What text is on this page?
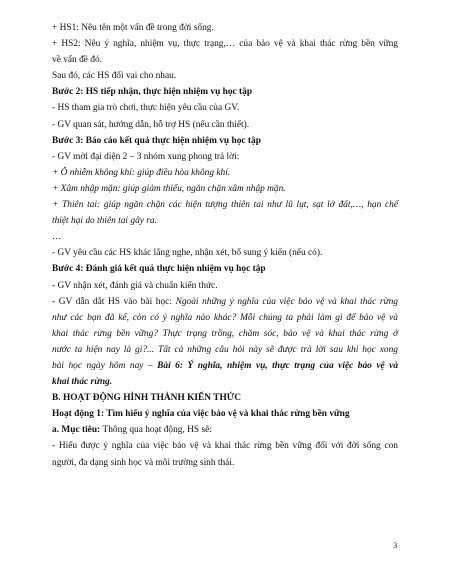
+ HS1: Nêu tên một vấn đề trong đời sống.

+ HS2: Nêu ý nghĩa, nhiệm vụ, thực trạng,… của bảo vệ và khai thác rừng bền vững

về vấn đề đó.

Sau đó, các HS đổi vai cho nhau.

Bước 2: HS tiếp nhận, thực hiện nhiệm vụ học tập

- HS tham gia trò chơi, thực hiện yêu cầu của GV.

- GV quan sát, hướng dẫn, hỗ trợ HS (nếu cần thiết).

Bước 3: Báo cáo kết quả thực hiện nhiệm vụ học tập

- GV mời đại diện 2 – 3 nhóm xung phong trả lời:

+ Ô nhiễm không khí: giúp điều hòa không khí.

+ Xâm nhập mặn: giúp giảm thiểu, ngăn chặn xâm nhập mặn.

+ Thiên tai: giúp ngăn chặn các hiện tượng thiên tai như lũ lụt, sạt lở đất,…, hạn chế

thiệt hại do thiên tai gây ra.

…

- GV yêu cầu các HS khác lắng nghe, nhận xét, bổ sung ý kiến (nếu có).

Bước 4: Đánh giá kết quả thực hiện nhiệm vụ học tập

- GV nhận xét, đánh giá và chuẩn kiến thức.

- GV dẫn dắt HS vào bài học: Ngoài những ý nghĩa của việc bảo vệ và khai thác rừng

như các bạn đã kể, còn có ý nghĩa nào khác? Mỗi chúng ta phải làm gì để bảo vệ và

khai thác rừng bền vững? Thực trạng trồng, chăm sóc, bảo vệ và khai thác rừng ở

nước ta hiện nay là gì?... Tất cả những câu hỏi này sẽ được trả lời sau khi học xong

bài học ngày hôm nay – Bài 6: Ý nghĩa, nhiệm vụ, thực trạng của việc bảo vệ và

khai thác rừng.

B. HOẠT ĐỘNG HÌNH THÀNH KIẾN THỨC

Hoạt động 1: Tìm hiểu ý nghĩa của việc bảo vệ và khai thác rừng bền vững

a. Mục tiêu: Thông qua hoạt động, HS sẽ:

- Hiểu được ý nghĩa của việc bảo vệ và khai thác rừng bền vững đối với đời sống con

người, đa dạng sinh học và môi trường sinh thái.

3
